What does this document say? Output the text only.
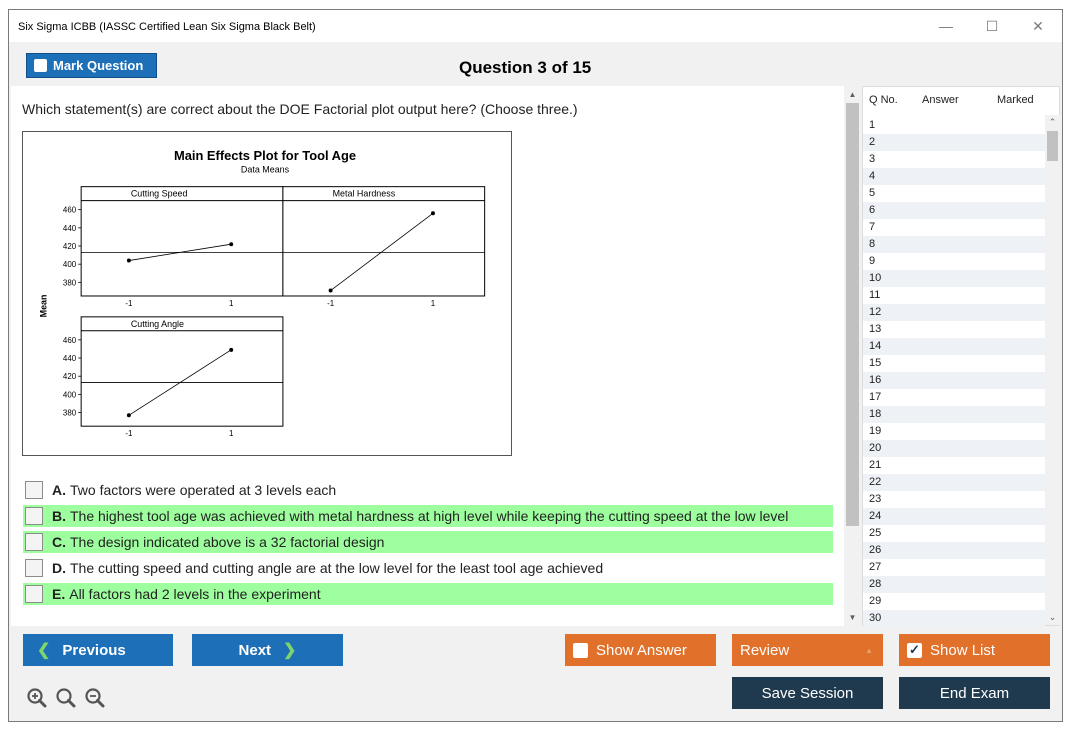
Six Sigma ICBB (IASSC Certified Lean Six Sigma Black Belt)	—	☐	✕
Mark Question	Question 3 of 15
Which statement(s) are correct about the DOE Factorial plot output here? (Choose three.)
Main Effects Plot for Tool Age
Data Means
Mean
Cutting Speed
-1	1
460
440
420
400
380
Metal Hardness
-1	1
Cutting Angle
-1	1
460
440
420
400
380
A. Two factors were operated at 3 levels each
B. The highest tool age was achieved with metal hardness at high level while keeping the cutting speed at the low level
C. The design indicated above is a 32 factorial design
D. The cutting speed and cutting angle are at the low level for the least tool age achieved
E. All factors had 2 levels in the experiment
▲
▼
Q No. Answer	Marked
1
2
3
4
5
6
7
8
9
10
11
12
13
14
15
16
17
18
19
20
21
22
23
24
25
26
27
28
29
30
⌃
⌄
❮ Previous	Next ❯	Show Answer	Review	▲	✓ Show List
Save Session	End Exam
